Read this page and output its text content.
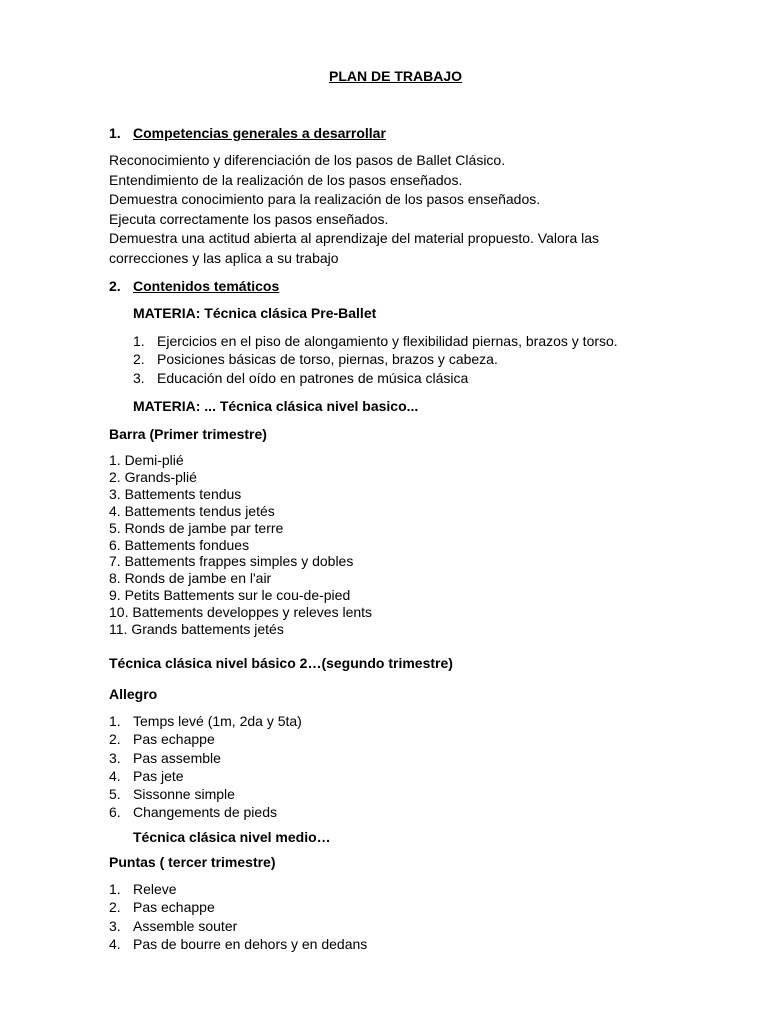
PLAN DE TRABAJO
1. Competencias generales a desarrollar
Reconocimiento y diferenciación de los pasos de Ballet Clásico.
Entendimiento de la realización de los pasos enseñados.
Demuestra conocimiento para la realización de los pasos enseñados.
Ejecuta correctamente los pasos enseñados.
Demuestra una actitud abierta al aprendizaje del material propuesto. Valora las
correcciones y las aplica a su trabajo
2. Contenidos temáticos
MATERIA: Técnica clásica Pre-Ballet
1. Ejercicios en el piso de alongamiento y flexibilidad piernas, brazos y torso.
2. Posiciones básicas de torso, piernas, brazos y cabeza.
3. Educación del oído en patrones de música clásica
MATERIA: ... Técnica clásica nivel basico...
Barra (Primer trimestre)
1. Demi-plié
2. Grands-plié
3. Battements tendus
4. Battements tendus jetés
5. Ronds de jambe par terre
6. Battements fondues
7. Battements frappes simples y dobles
8. Ronds de jambe en l'air
9. Petits Battements sur le cou-de-pied
10. Battements developpes y releves lents
11. Grands battements jetés
Técnica clásica nivel básico 2…(segundo trimestre)
Allegro
1. Temps levé (1m, 2da y 5ta)
2. Pas echappe
3. Pas assemble
4. Pas jete
5. Sissonne simple
6. Changements de pieds
Técnica clásica nivel medio…
Puntas ( tercer trimestre)
1. Releve
2. Pas echappe
3. Assemble souter
4. Pas de bourre en dehors y en dedans
